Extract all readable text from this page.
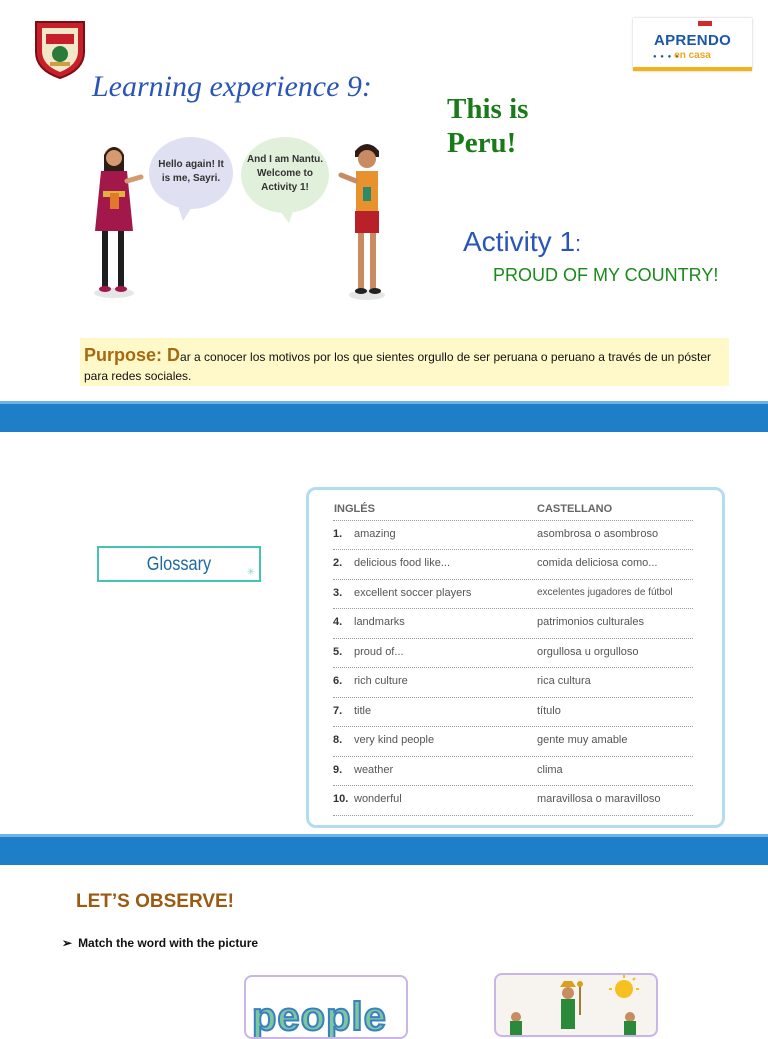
APRENDO
● ● ● ●
en casa
Learning experience 9:
This is
Peru!
Hello again! It
is me, Sayri.
And I am Nantu.
Welcome to
Activity 1!
Activity 1:
PROUD OF MY COUNTRY!
Purpose: Dar a conocer los motivos por los que sientes orgullo de ser peruana o peruano a través de un póster para redes sociales.
Glossary	✳
INGLÉS	CASTELLANO
1. amazing	asombrosa o asombroso
2. delicious food like...	comida deliciosa como...
3. excellent soccer players	excelentes jugadores de fútbol
4. landmarks	patrimonios culturales
5. proud of...	orgullosa u orgulloso
6. rich culture	rica cultura
7. title	título
8. very kind people	gente muy amable
9. weather	clima
10. wonderful	maravillosa o maravilloso
LET’S OBSERVE!
➢ Match the word with the picture
people
